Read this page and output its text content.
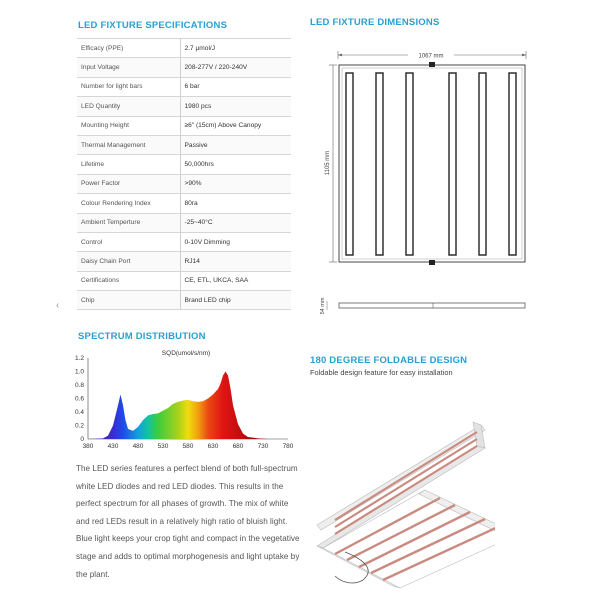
LED FIXTURE SPECIFICATIONS
Efficacy (PPE)	2.7 μmol/J
Input Voltage	208-277V / 220-240V
Number for light bars	6 bar
LED Quantity	1980 pcs
Mounting Height	≥6" (15cm) Above Canopy
Thermal Management	Passive
Lifetime	50,000hrs
Power Factor	>90%
Colour Rendering Index	80ra
Ambient Temperture	-25~40°C
Control	0-10V Dimming
Daisy Chain Port	RJ14
Certifications	CE, ETL, UKCA, SAA
Chip	Brand LED chip
‹
LED FIXTURE DIMENSIONS
1067 mm
1105 mm
54 mm
SPECTRUM DISTRIBUTION
SQD(umol/s/nm)
0
0.2
0.4
0.6
0.8
1.0
1.2
380 430 480 530 580 630 680 730 780
The LED series features a perfect blend of both full-spectrum white LED diodes and red LED diodes. This results in the perfect spectrum for all phases of growth. The mix of white and red LEDs result in a relatively high ratio of bluish light. Blue light keeps your crop tight and compact in the vegetative stage and adds to optimal morphogenesis and light uptake by the plant.
180 DEGREE FOLDABLE DESIGN
Foldable design feature for easy installation
